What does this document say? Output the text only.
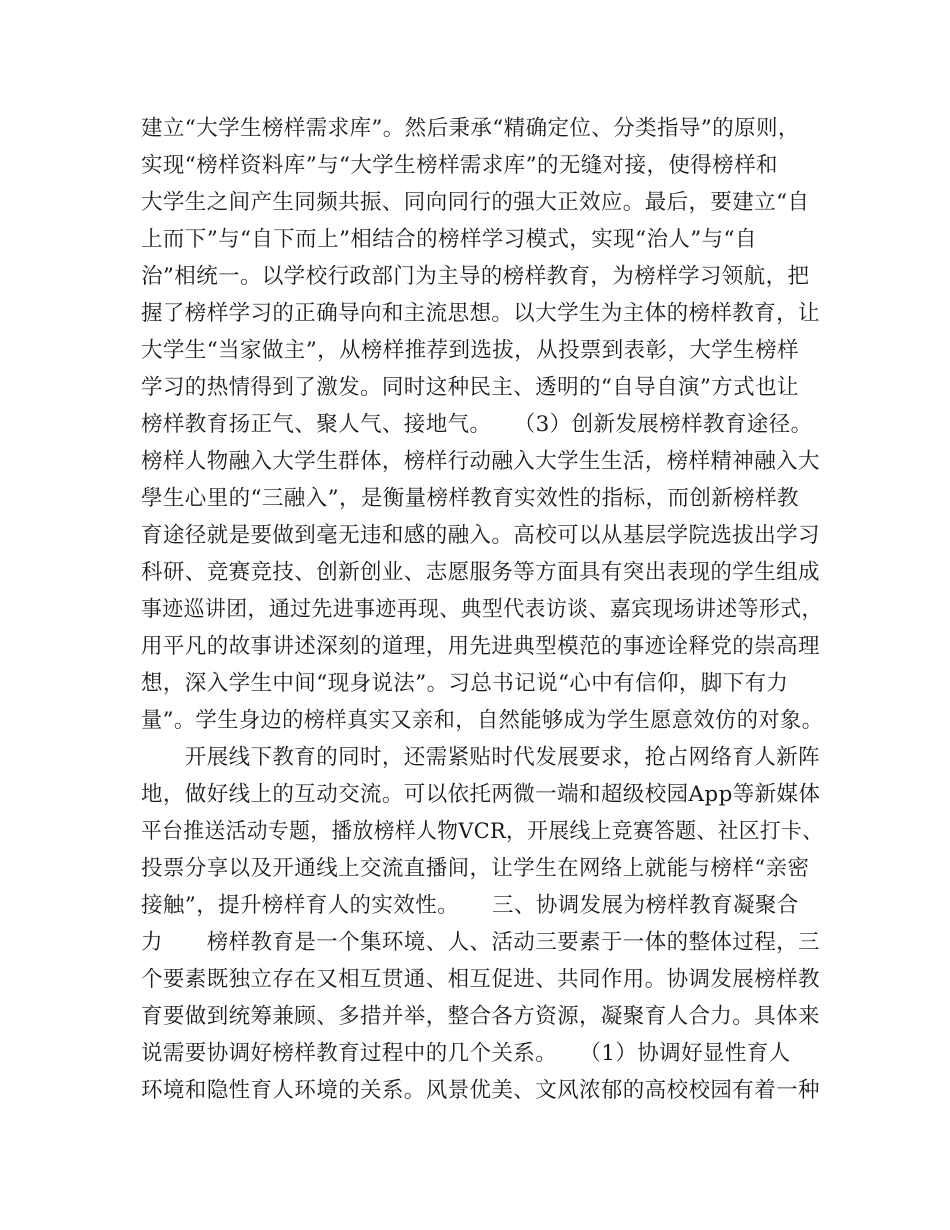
建立“大学生榜样需求库”。然后秉承“精确定位、分类指导”的原则，
实现“榜样资料库”与“大学生榜样需求库”的无缝对接，使得榜样和
大学生之间产生同频共振、同向同行的强大正效应。最后，要建立“自
上而下”与“自下而上”相结合的榜样学习模式，实现“治人”与“自
治”相统一。以学校行政部门为主导的榜样教育，为榜样学习领航，把
握了榜样学习的正确导向和主流思想。以大学生为主体的榜样教育，让
大学生“当家做主”，从榜样推荐到选拔，从投票到表彰，大学生榜样
学习的热情得到了激发。同时这种民主、透明的“自导自演”方式也让
榜样教育扬正气、聚人气、接地气。　　（3）创新发展榜样教育途径。
榜样人物融入大学生群体，榜样行动融入大学生生活，榜样精神融入大
學生心里的“三融入”，是衡量榜样教育实效性的指标，而创新榜样教
育途径就是要做到毫无违和感的融入。高校可以从基层学院选拔出学习
科研、竞赛竞技、创新创业、志愿服务等方面具有突出表现的学生组成
事迹巡讲团，通过先进事迹再现、典型代表访谈、嘉宾现场讲述等形式，
用平凡的故事讲述深刻的道理，用先进典型模范的事迹诠释党的崇高理
想，深入学生中间“现身说法”。习总书记说“心中有信仰，脚下有力
量”。学生身边的榜样真实又亲和，自然能够成为学生愿意效仿的对象。
　　开展线下教育的同时，还需紧贴时代发展要求，抢占网络育人新阵
地，做好线上的互动交流。可以依托两微一端和超级校园App等新媒体
平台推送活动专题，播放榜样人物VCR，开展线上竞赛答题、社区打卡、
投票分享以及开通线上交流直播间，让学生在网络上就能与榜样“亲密
接触”，提升榜样育人的实效性。　　三、协调发展为榜样教育凝聚合
力　　榜样教育是一个集环境、人、活动三要素于一体的整体过程，三
个要素既独立存在又相互贯通、相互促进、共同作用。协调发展榜样教
育要做到统筹兼顾、多措并举，整合各方资源，凝聚育人合力。具体来
说需要协调好榜样教育过程中的几个关系。　　（1）协调好显性育人
环境和隐性育人环境的关系。风景优美、文风浓郁的高校校园有着一种
